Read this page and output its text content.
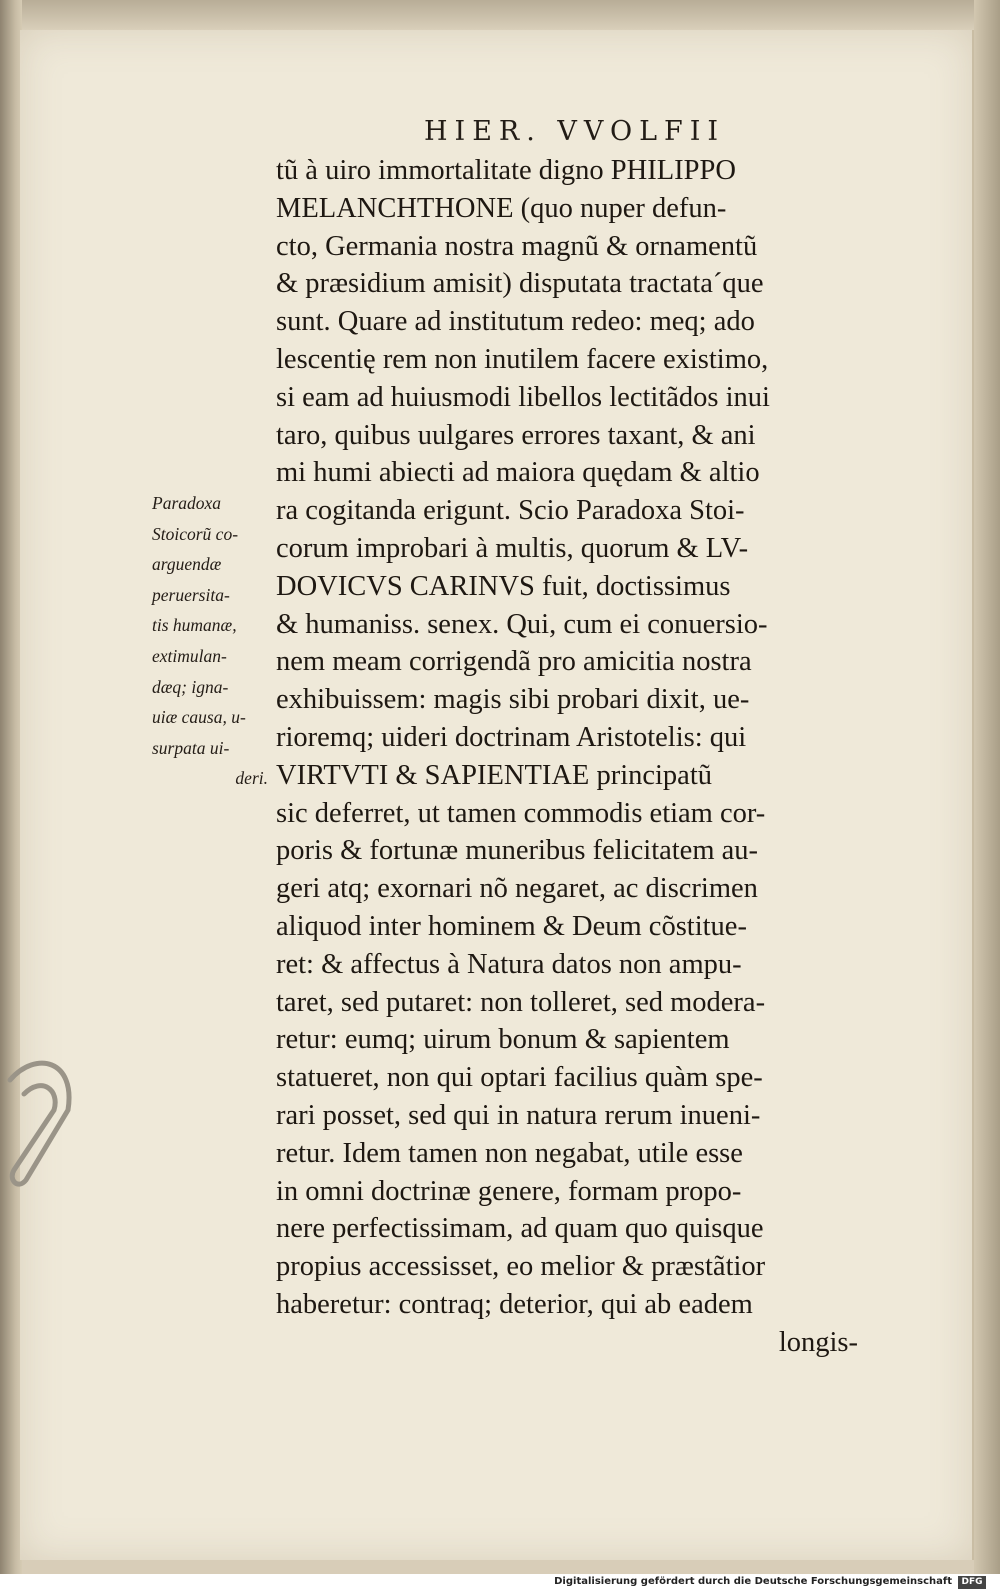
HIER. VVOLFII
tũ à uiro immortalitate digno PHILIPPO
MELANCHTHONE (quo nuper defun-
cto, Germania nostra magnũ & ornamentũ
& præsidium amisit) disputata tractata´que
sunt. Quare ad institutum redeo: meq; ado
lescentię rem non inutilem facere existimo,
si eam ad huiusmodi libellos lectitãdos inui
taro, quibus uulgares errores taxant, & ani
mi humi abiecti ad maiora quędam & altio
ra cogitanda erigunt. Scio Paradoxa Stoi-
corum improbari à multis, quorum & LV-
DOVICVS CARINVS fuit, doctissimus
& humaniss. senex. Qui, cum ei conuersio-
nem meam corrigendã pro amicitia nostra
exhibuissem: magis sibi probari dixit, ue-
rioremq; uideri doctrinam Aristotelis: qui
VIRTVTI & SAPIENTIAE principatũ
sic deferret, ut tamen commodis etiam cor-
poris & fortunæ muneribus felicitatem au-
geri atq; exornari nõ negaret, ac discrimen
aliquod inter hominem & Deum cõstitue-
ret: & affectus à Natura datos non ampu-
taret, sed putaret: non tolleret, sed modera-
retur: eumq; uirum bonum & sapientem
statueret, non qui optari facilius quàm spe-
rari posset, sed qui in natura rerum inueni-
retur. Idem tamen non negabat, utile esse
in omni doctrinæ genere, formam propo-
nere perfectissimam, ad quam quo quisque
propius accessisset, eo melior & præstãtior
haberetur: contraq; deterior, qui ab eadem
longis-
Paradoxa
Stoicorũ co-
arguendæ
peruersita-
tis humanæ,
extimulan-
dæq; igna-
uiæ causa, u-
surpata ui-
deri.
Digitalisierung gefördert durch die Deutsche Forschungsgemeinschaft	DFG
